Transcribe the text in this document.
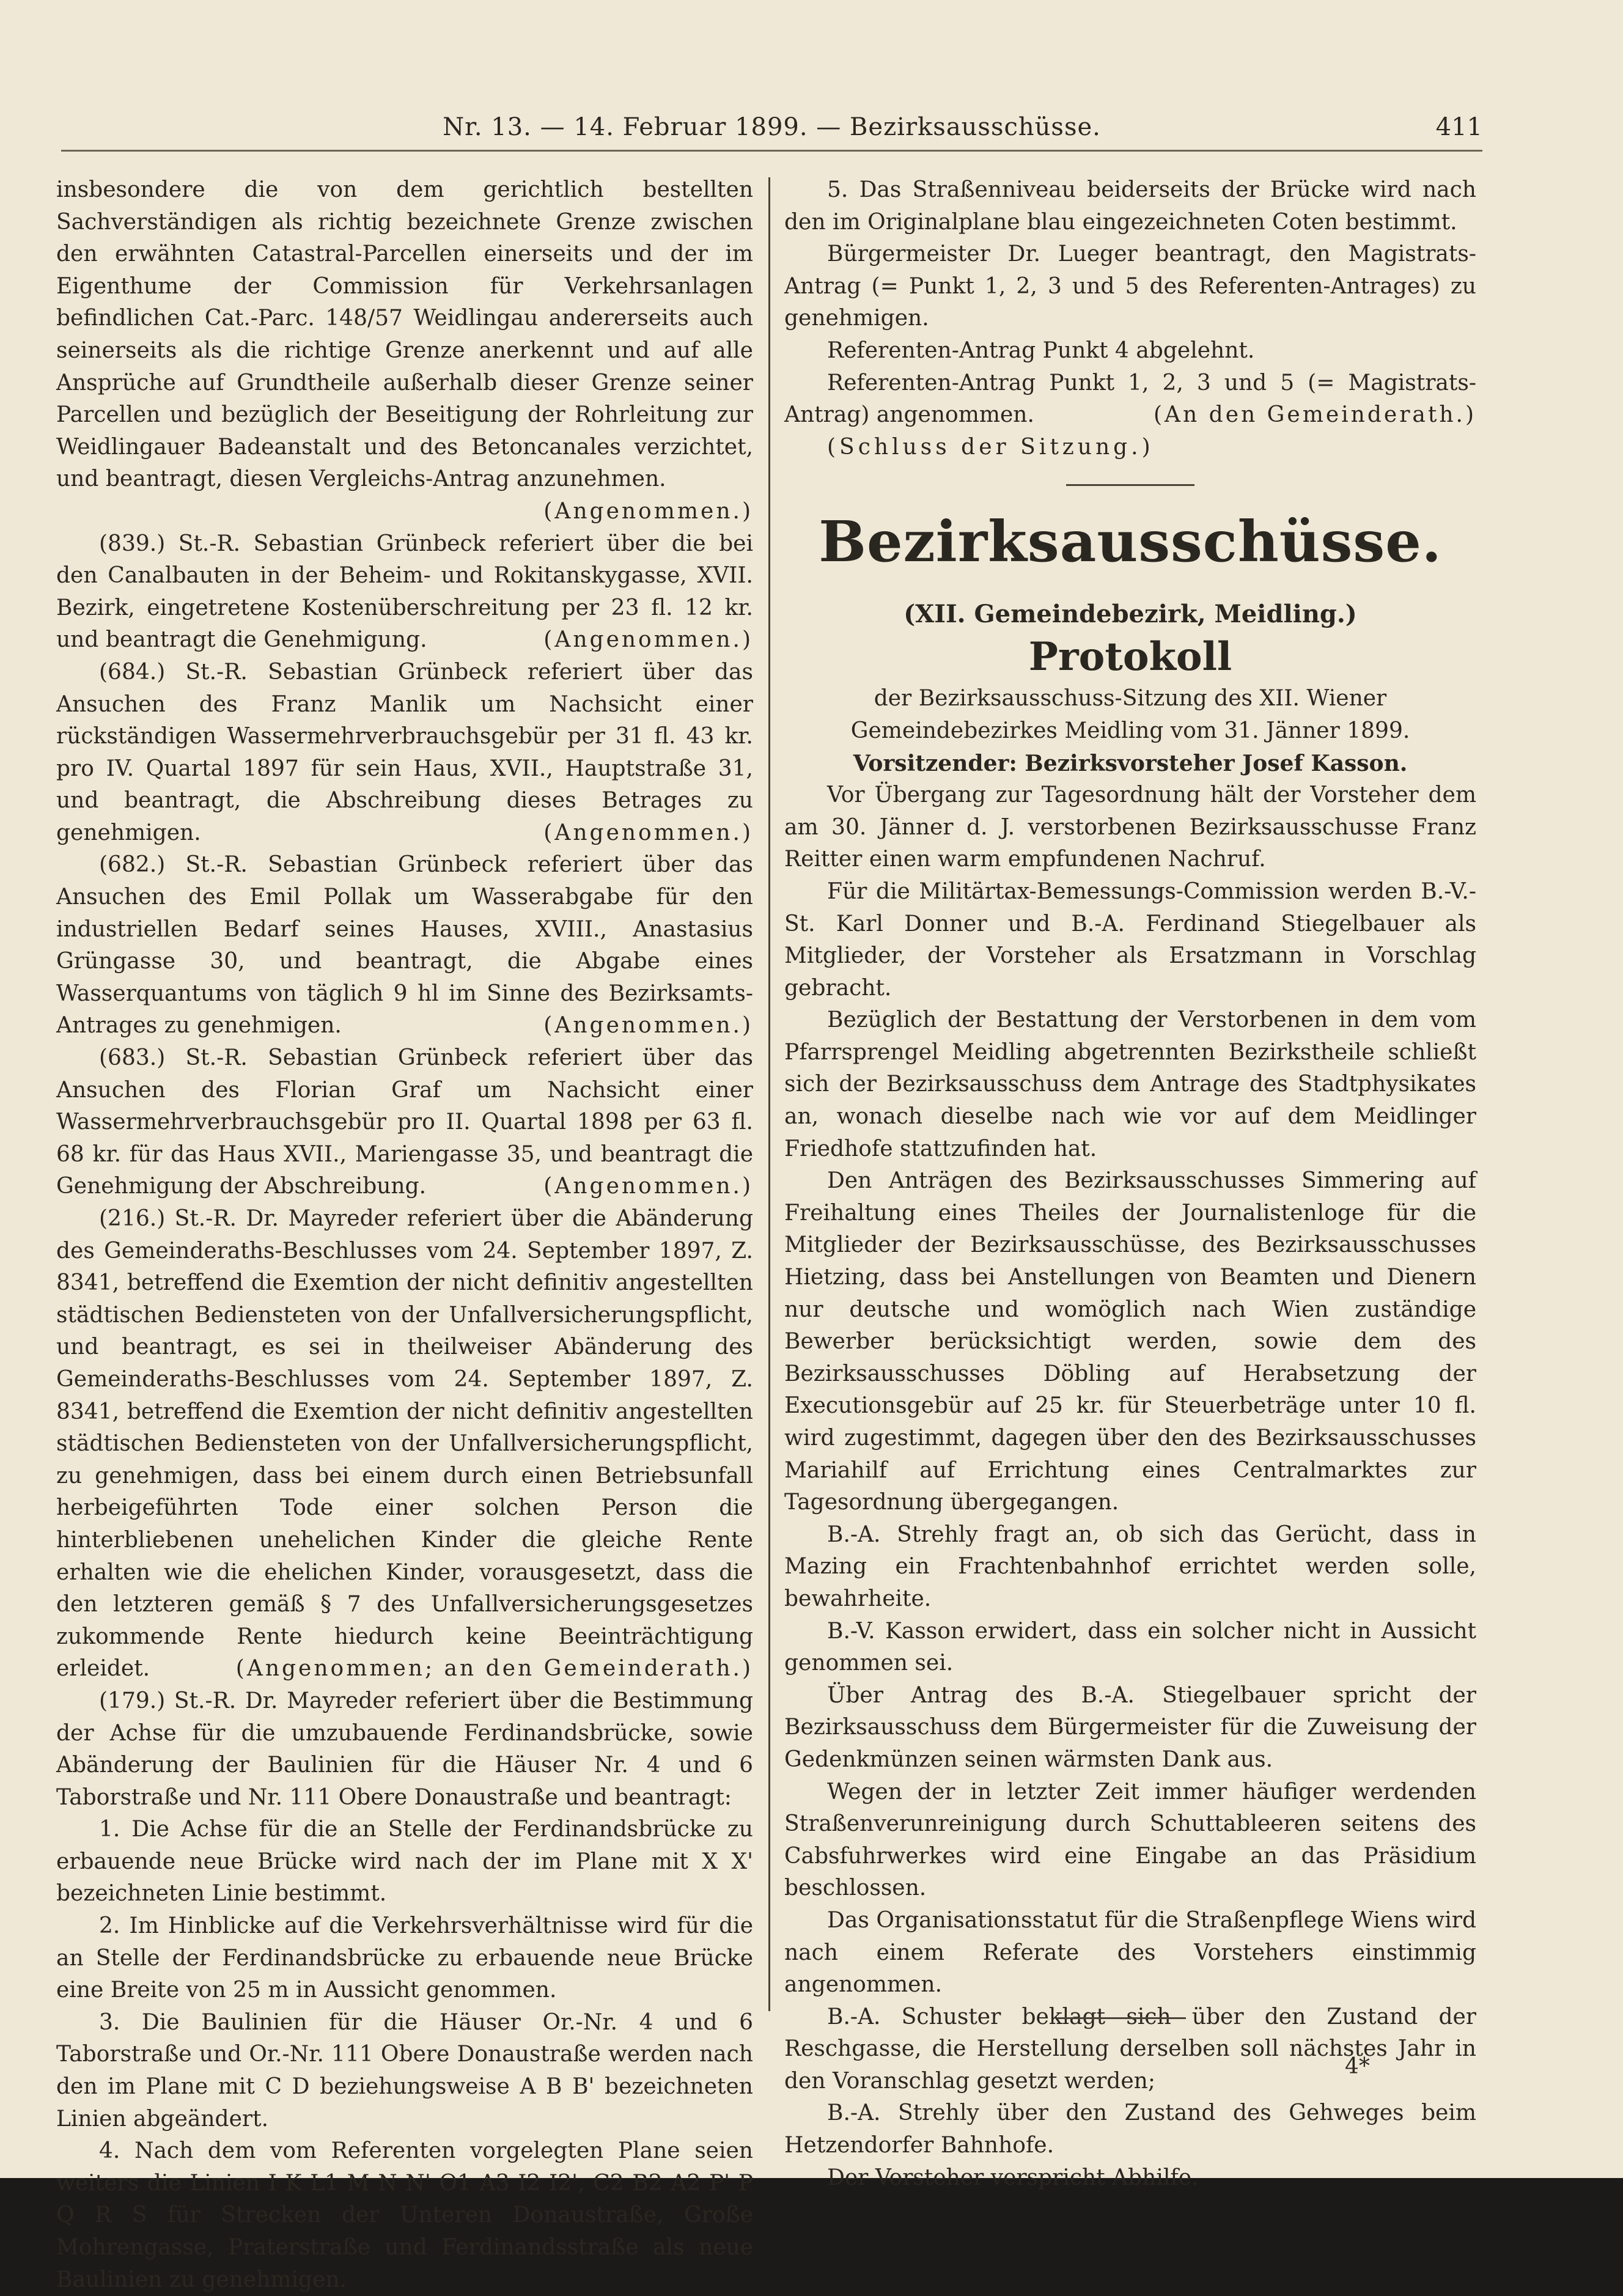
Nr. 13. — 14. Februar 1899. — Bezirksausschüsse.	411

insbesondere die von dem gerichtlich bestellten Sachverständigen als richtig bezeichnete Grenze zwischen den erwähnten Catastral-Parcellen einerseits und der im Eigenthume der Commission für Verkehrsanlagen befindlichen Cat.-Parc. 148/57 Weidlingau andererseits auch seinerseits als die richtige Grenze anerkennt und auf alle Ansprüche auf Grundtheile außerhalb dieser Grenze seiner Parcellen und bezüglich der Beseitigung der Rohrleitung zur Weidlingauer Badeanstalt und des Betoncanales verzichtet, und beantragt, diesen Vergleichs-Antrag anzunehmen.
(Angenommen.)

(839.) St.-R. Sebastian Grünbeck referiert über die bei den Canalbauten in der Beheim- und Rokitanskygasse, XVII. Bezirk, eingetretene Kostenüberschreitung per 23 fl. 12 kr. und beantragt die Genehmigung.	(Angenommen.)

(684.) St.-R. Sebastian Grünbeck referiert über das Ansuchen des Franz Manlik um Nachsicht einer rückständigen Wassermehrverbrauchsgebür per 31 fl. 43 kr. pro IV. Quartal 1897 für sein Haus, XVII., Hauptstraße 31, und beantragt, die Abschreibung dieses Betrages zu genehmigen.	(Angenommen.)

(682.) St.-R. Sebastian Grünbeck referiert über das Ansuchen des Emil Pollak um Wasserabgabe für den industriellen Bedarf seines Hauses, XVIII., Anastasius Grüngasse 30, und beantragt, die Abgabe eines Wasserquantums von täglich 9 hl im Sinne des Bezirksamts-Antrages zu genehmigen.	(Angenommen.)

(683.) St.-R. Sebastian Grünbeck referiert über das Ansuchen des Florian Graf um Nachsicht einer Wassermehrverbrauchsgebür pro II. Quartal 1898 per 63 fl. 68 kr. für das Haus XVII., Mariengasse 35, und beantragt die Genehmigung der Abschreibung.	(Angenommen.)

(216.) St.-R. Dr. Mayreder referiert über die Abänderung des Gemeinderaths-Beschlusses vom 24. September 1897, Z. 8341, betreffend die Exemtion der nicht definitiv angestellten städtischen Bediensteten von der Unfallversicherungspflicht, und beantragt, es sei in theilweiser Abänderung des Gemeinderaths-Beschlusses vom 24. September 1897, Z. 8341, betreffend die Exemtion der nicht definitiv angestellten städtischen Bediensteten von der Unfallversicherungspflicht, zu genehmigen, dass bei einem durch einen Betriebsunfall herbeigeführten Tode einer solchen Person die hinterbliebenen unehelichen Kinder die gleiche Rente erhalten wie die ehelichen Kinder, vorausgesetzt, dass die den letzteren gemäß § 7 des Unfallversicherungsgesetzes zukommende Rente hiedurch keine Beeinträchtigung erleidet.	(Angenommen; an den Gemeinderath.)

(179.) St.-R. Dr. Mayreder referiert über die Bestimmung der Achse für die umzubauende Ferdinandsbrücke, sowie Abänderung der Baulinien für die Häuser Nr. 4 und 6 Taborstraße und Nr. 111 Obere Donaustraße und beantragt:

1. Die Achse für die an Stelle der Ferdinandsbrücke zu erbauende neue Brücke wird nach der im Plane mit X X' bezeichneten Linie bestimmt.

2. Im Hinblicke auf die Verkehrsverhältnisse wird für die an Stelle der Ferdinandsbrücke zu erbauende neue Brücke eine Breite von 25 m in Aussicht genommen.

3. Die Baulinien für die Häuser Or.-Nr. 4 und 6 Taborstraße und Or.-Nr. 111 Obere Donaustraße werden nach den im Plane mit C D beziehungsweise A B B' bezeichneten Linien abgeändert.

4. Nach dem vom Referenten vorgelegten Plane seien weiters die Linien I K L1 M N N' O1 A3 I2 I2', C2 B2 A2 P' P Q R S für Strecken der Unteren Donaustraße, Große Mohrengasse, Praterstraße und Ferdinandsstraße als neue Baulinien zu genehmigen.

5. Das Straßenniveau beiderseits der Brücke wird nach den im Originalplane blau eingezeichneten Coten bestimmt.

Bürgermeister Dr. Lueger beantragt, den Magistrats-Antrag (= Punkt 1, 2, 3 und 5 des Referenten-Antrages) zu genehmigen.

Referenten-Antrag Punkt 4 abgelehnt.

Referenten-Antrag Punkt 1, 2, 3 und 5 (= Magistrats-Antrag) angenommen.	(An den Gemeinderath.)

(Schluss der Sitzung.)

Bezirksausschüsse.
(XII. Gemeindebezirk, Meidling.)
Protokoll

der Bezirksausschuss-Sitzung des XII. Wiener Gemeindebezirkes Meidling vom 31. Jänner 1899.

Vorsitzender: Bezirksvorsteher Josef Kasson.

Vor Übergang zur Tagesordnung hält der Vorsteher dem am 30. Jänner d. J. verstorbenen Bezirksausschusse Franz Reitter einen warm empfundenen Nachruf.

Für die Militärtax-Bemessungs-Commission werden B.-V.-St. Karl Donner und B.-A. Ferdinand Stiegelbauer als Mitglieder, der Vorsteher als Ersatzmann in Vorschlag gebracht.

Bezüglich der Bestattung der Verstorbenen in dem vom Pfarrsprengel Meidling abgetrennten Bezirkstheile schließt sich der Bezirksausschuss dem Antrage des Stadtphysikates an, wonach dieselbe nach wie vor auf dem Meidlinger Friedhofe stattzufinden hat.

Den Anträgen des Bezirksausschusses Simmering auf Freihaltung eines Theiles der Journalistenloge für die Mitglieder der Bezirksausschüsse, des Bezirksausschusses Hietzing, dass bei Anstellungen von Beamten und Dienern nur deutsche und womöglich nach Wien zuständige Bewerber berücksichtigt werden, sowie dem des Bezirksausschusses Döbling auf Herabsetzung der Executionsgebür auf 25 kr. für Steuerbeträge unter 10 fl. wird zugestimmt, dagegen über den des Bezirksausschusses Mariahilf auf Errichtung eines Centralmarktes zur Tagesordnung übergegangen.

B.-A. Strehly fragt an, ob sich das Gerücht, dass in Mazing ein Frachtenbahnhof errichtet werden solle, bewahrheite.

B.-V. Kasson erwidert, dass ein solcher nicht in Aussicht genommen sei.

Über Antrag des B.-A. Stiegelbauer spricht der Bezirksausschuss dem Bürgermeister für die Zuweisung der Gedenkmünzen seinen wärmsten Dank aus.

Wegen der in letzter Zeit immer häufiger werdenden Straßenverunreinigung durch Schuttableeren seitens des Cabsfuhrwerkes wird eine Eingabe an das Präsidium beschlossen.

Das Organisationsstatut für die Straßenpflege Wiens wird nach einem Referate des Vorstehers einstimmig angenommen.

B.-A. Schuster beklagt sich über den Zustand der Reschgasse, die Herstellung derselben soll nächstes Jahr in den Voranschlag gesetzt werden;

B.-A. Strehly über den Zustand des Gehweges beim Hetzendorfer Bahnhofe.

Der Vorsteher verspricht Abhilfe.

4*
